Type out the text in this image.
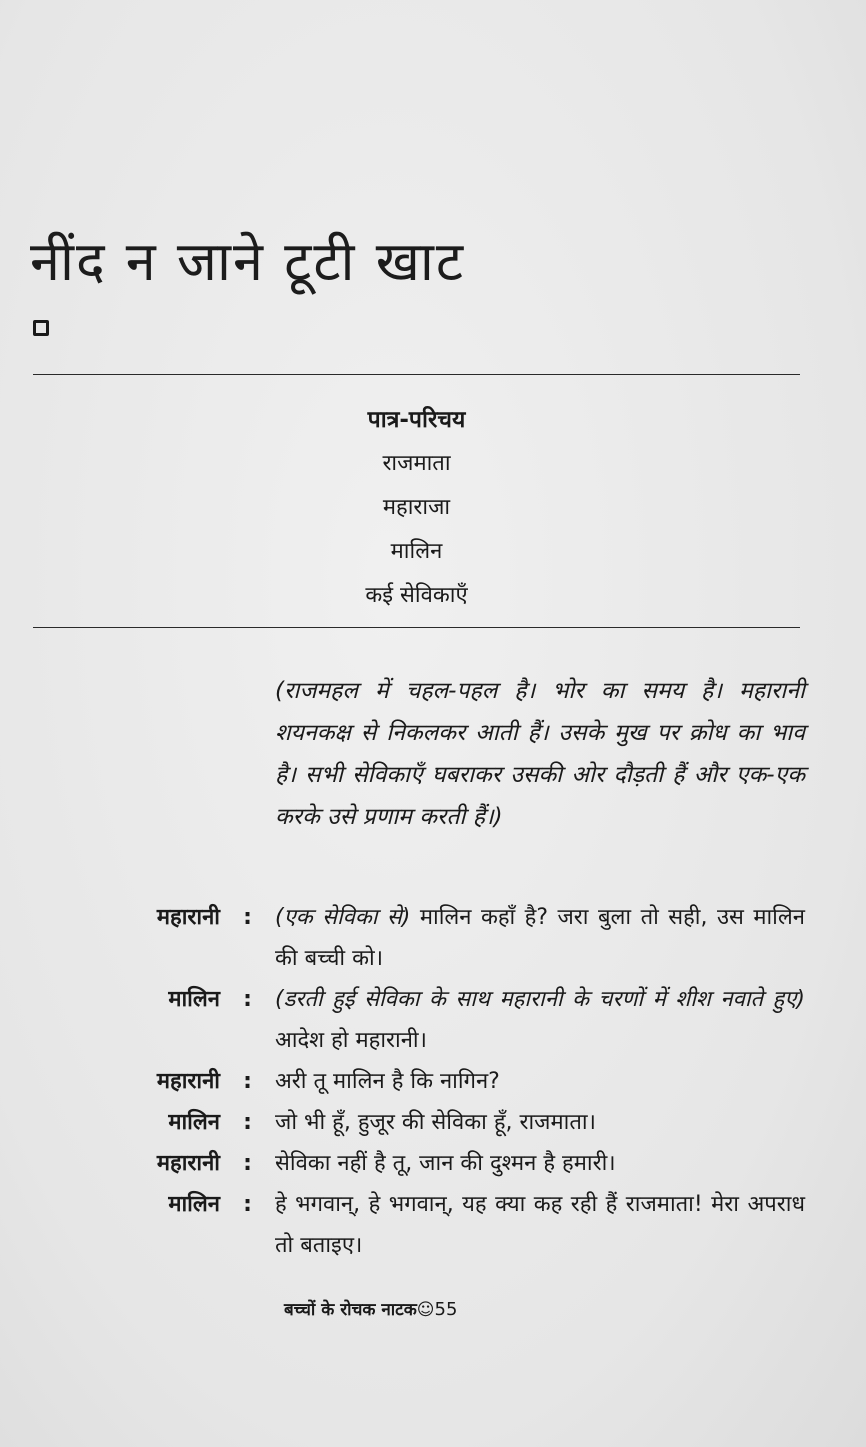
नींद न जाने टूटी खाट
पात्र-परिचय
राजमाता
महाराजा
मालिन
कई सेविकाएँ
(राजमहल में चहल-पहल है। भोर का समय है। महारानी शयनकक्ष से निकलकर आती हैं। उसके मुख पर क्रोध का भाव है। सभी सेविकाएँ घबराकर उसकी ओर दौड़ती हैं और एक-एक करके उसे प्रणाम करती हैं।)
महारानी	:	(एक सेविका से) मालिन कहाँ है? जरा बुला तो सही, उस मालिन की बच्ची को।
मालिन	:	(डरती हुई सेविका के साथ महारानी के चरणों में शीश नवाते हुए) आदेश हो महारानी।
महारानी	:	अरी तू मालिन है कि नागिन?
मालिन	:	जो भी हूँ, हुजूर की सेविका हूँ, राजमाता।
महारानी	:	सेविका नहीं है तू, जान की दुश्मन है हमारी।
मालिन	:	हे भगवान्, हे भगवान्, यह क्या कह रही हैं राजमाता! मेरा अपराध तो बताइए।
बच्चों के रोचक नाटक☺55
